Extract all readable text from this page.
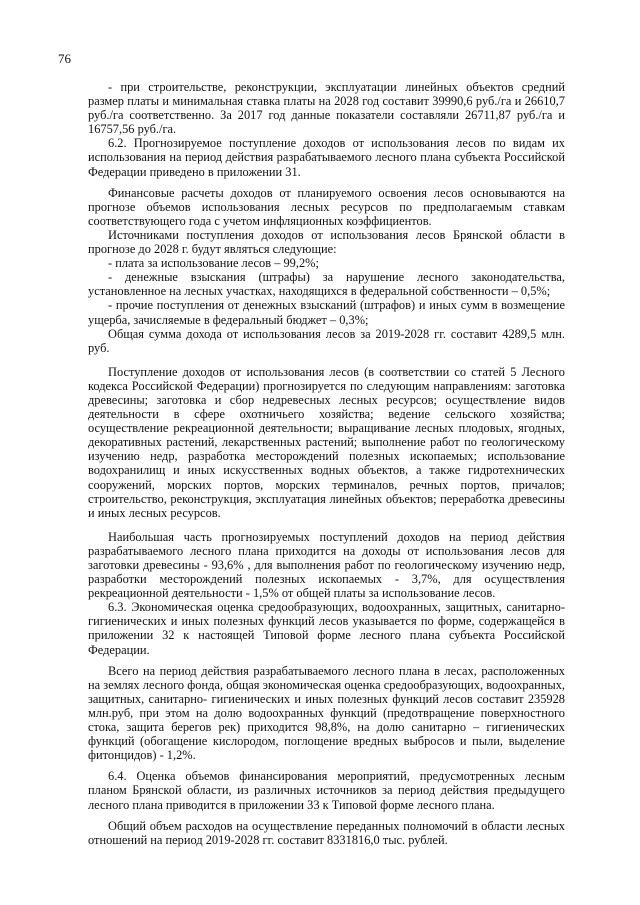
76

- при строительстве, реконструкции, эксплуатации линейных объектов средний размер платы и минимальная ставка платы на 2028 год составит 39990,6 руб./га и 26610,7 руб./га соответственно. За 2017 год данные показатели составляли 26711,87 руб./га и 16757,56 руб./га.

6.2. Прогнозируемое поступление доходов от использования лесов по видам их использования на период действия разрабатываемого лесного плана субъекта Российской Федерации приведено в приложении 31.

Финансовые расчеты доходов от планируемого освоения лесов основываются на прогнозе объемов использования лесных ресурсов по предполагаемым ставкам соответствующего года с учетом инфляционных коэффициентов.

Источниками поступления доходов от использования лесов Брянской области в прогнозе до 2028 г. будут являться следующие:

- плата за использование лесов – 99,2%;

- денежные взыскания (штрафы) за нарушение лесного законодательства, установленное на лесных участках, находящихся в федеральной собственности – 0,5%;

- прочие поступления от денежных взысканий (штрафов) и иных сумм в возмещение ущерба, зачисляемые в федеральный бюджет – 0,3%;

Общая сумма дохода от использования лесов за 2019-2028 гг. составит 4289,5 млн. руб.

Поступление доходов от использования лесов (в соответствии со статей 5 Лесного кодекса Российской Федерации) прогнозируется по следующим направлениям: заготовка древесины; заготовка и сбор недревесных лесных ресурсов; осуществление видов деятельности в сфере охотничьего хозяйства; ведение сельского хозяйства; осуществление рекреационной деятельности; выращивание лесных плодовых, ягодных, декоративных растений, лекарственных растений; выполнение работ по геологическому изучению недр, разработка месторождений полезных ископаемых; использование водохранилищ и иных искусственных водных объектов, а также гидротехнических сооружений, морских портов, морских терминалов, речных портов, причалов; строительство, реконструкция, эксплуатация линейных объектов; переработка древесины и иных лесных ресурсов.

Наибольшая часть прогнозируемых поступлений доходов на период действия разрабатываемого лесного плана приходится на доходы от использования лесов для заготовки древесины - 93,6% , для выполнения работ по геологическому изучению недр, разработки месторождений полезных ископаемых - 3,7%, для осуществления рекреационной деятельности - 1,5% от общей платы за использование лесов.

6.3. Экономическая оценка средообразующих, водоохранных, защитных, санитарно-гигиенических и иных полезных функций лесов указывается по форме, содержащейся в приложении 32 к настоящей Типовой форме лесного плана субъекта Российской Федерации.

Всего на период действия разрабатываемого лесного плана в лесах, расположенных на землях лесного фонда, общая экономическая оценка средообразующих, водоохранных, защитных, санитарно- гигиенических и иных полезных функций лесов составит 235928 млн.руб, при этом на долю водоохранных функций (предотвращение поверхностного стока, защита берегов рек) приходится 98,8%, на долю санитарно – гигиенических функций (обогащение кислородом, поглощение вредных выбросов и пыли, выделение фитонцидов) - 1,2%.

6.4. Оценка объемов финансирования мероприятий, предусмотренных лесным планом Брянской области, из различных источников за период действия предыдущего лесного плана приводится в приложении 33 к Типовой форме лесного плана.

Общий объем расходов на осуществление переданных полномочий в области лесных отношений на период 2019-2028 гг. составит 8331816,0 тыс. рублей.
